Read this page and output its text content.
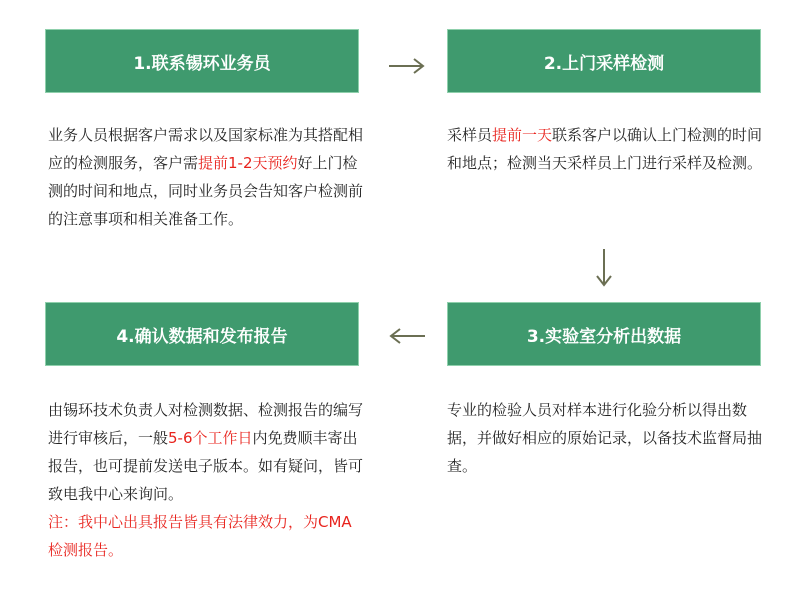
1.联系锡环业务员
业务人员根据客户需求以及国家标准为其搭配相应的检测服务，客户需提前1-2天预约好上门检测的时间和地点，同时业务员会告知客户检测前的注意事项和相关准备工作。
2.上门采样检测
采样员提前一天联系客户以确认上门检测的时间和地点；检测当天采样员上门进行采样及检测。
3.实验室分析出数据
专业的检验人员对样本进行化验分析以得出数据，并做好相应的原始记录，以备技术监督局抽查。
4.确认数据和发布报告
由锡环技术负责人对检测数据、检测报告的编写进行审核后，一般5-6个工作日内免费顺丰寄出报告，也可提前发送电子版本。如有疑问，皆可致电我中心来询问。
注：我中心出具报告皆具有法律效力，为CMA检测报告。
